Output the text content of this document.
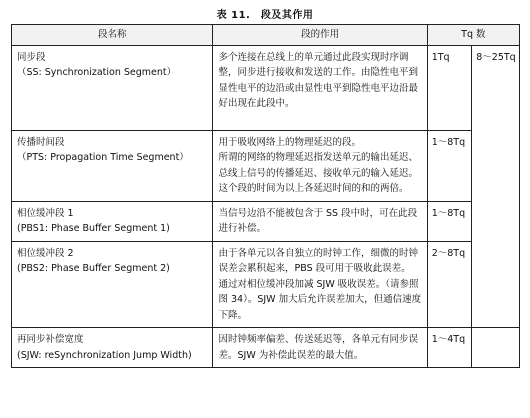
表 11.　段及其作用
段名称	段的作用	Tq 数	

同步段
（SS: Synchronization Segment）	多个连接在总线上的单元通过此段实现时序调整，同步进行接收和发送的工作。由隐性电平到显性电平的边沿或由显性电平到隐性电平边沿最好出现在此段中。	1Tq	8～25Tq

传播时间段
（PTS: Propagation Time Segment）	用于吸收网络上的物理延迟的段。
所谓的网络的物理延迟指发送单元的输出延迟、总线上信号的传播延迟、接收单元的输入延迟。
这个段的时间为以上各延迟时间的和的两倍。	1～8Tq	

相位缓冲段 1
(PBS1: Phase Buffer Segment 1)	当信号边沿不能被包含于 SS 段中时，可在此段进行补偿。	1～8Tq	

相位缓冲段 2
(PBS2: Phase Buffer Segment 2)	由于各单元以各自独立的时钟工作，细微的时钟误差会累积起来，PBS 段可用于吸收此误差。
通过对相位缓冲段加减 SJW 吸收误差。（请参照图 34）。SJW 加大后允许误差加大，但通信速度下降。	2～8Tq	

再同步补偿宽度
(SJW: reSynchronization Jump Width)	因时钟频率偏差、传送延迟等，各单元有同步误差。SJW 为补偿此误差的最大值。	1～4Tq	
